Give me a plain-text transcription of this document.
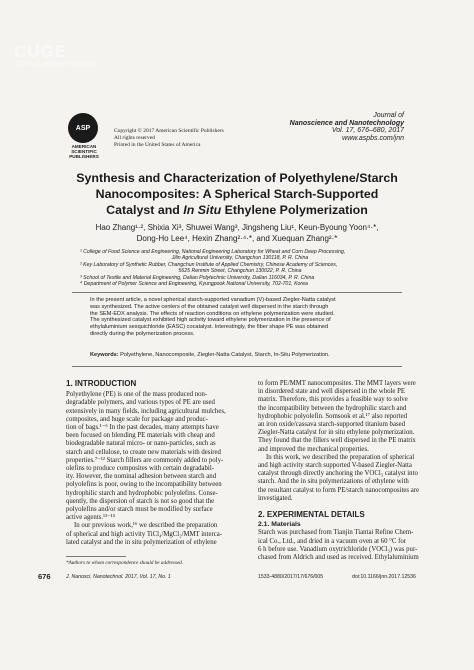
CUGE
Chemical Information Network
ASP
AMERICAN SCIENTIFIC PUBLISHERS
Copyright © 2017 American Scientific Publishers
All rights reserved
Printed in the United States of America
Journal of
Nanoscience and Nanotechnology
Vol. 17, 676–680, 2017
www.aspbs.com/jnn
Synthesis and Characterization of Polyethylene/Starch
Nanocomposites: A Spherical Starch-Supported
Catalyst and In Situ Ethylene Polymerization
Hao Zhang¹·², Shixia Xi³, Shuwei Wang³, Jingsheng Liu¹, Keun-Byoung Yoon⁴·*,
Dong-Ho Lee⁴, Hexin Zhang²·⁴·*, and Xuequan Zhang²·*
¹ College of Food Science and Engineering, National Engineering Laboratory for Wheat and Corn Deep Processing,
Jilin Agricultural University, Changchun 130118, P. R. China
² Key Laboratory of Synthetic Rubber, Changchun Institute of Applied Chemistry, Chinese Academy of Sciences,
5625 Renmin Street, Changchun 130022, P. R. China
³ School of Textile and Material Engineering, Dalian Polytechnic University, Dalian 116034, P. R. China
⁴ Department of Polymer Science and Engineering, Kyungpook National University, 702-701, Korea
In the present article, a novel spherical starch-supported vanadium (V)-based Ziegler-Natta catalyst
was synthesized. The active centers of the obtained catalyst well dispersed in the starch through
the SEM-EDX analysis. The effects of reaction conditions on ethylene polymerization were studied.
The synthesized catalyst exhibited high activity toward ethylene polymerization in the presence of
ethylaluminium sesquichloride (EASC) cocatalyst. Interestingly, the fiber shape PE was obtained
directly during the polymerization process.
Keywords: Polyethylene, Nanocomposite, Ziegler-Natta Catalyst, Starch, In-Situ Polymerization.
1. INTRODUCTION

Polyethylene (PE) is one of the mass produced non-

degradable polymers, and various types of PE are used

extensively in many fields, including agricultural mulches,

composites, and huge scale for package and produc-

tion of bags.¹⁻⁶ In the past decades, many attempts have

been focused on blending PE materials with cheap and

biodegradable natural micro- or nano-particles, such as

starch and cellulose, to create new materials with desired

properties.⁷⁻¹² Starch fillers are commonly added to poly-

olefins to produce composites with certain degradabil-

ity. However, the nominal adhesion between starch and

polyolefins is poor, owing to the incompatibility between

hydrophilic starch and hydrophobic polyolefins. Conse-

quently, the dispersion of starch is not so good that the

polyolefins and/or starch must be modified by surface

active agents.¹³⁻¹⁵

In our previous work,¹⁶ we described the preparation

of spherical and high activity TiCl₄/MgCl₂/MMT interca-

lated catalyst and the in situ polymerization of ethylene

to form PE/MMT nanocomposites. The MMT layers were

in disordered state and well dispersed in the whole PE

matrix. Therefore, this provides a feasible way to solve

the incompatibility between the hydrophilic starch and

hydrophobic polyolefin. Somsook et al.¹⁷ also reported

an iron oxide/cassava starch-supported titanium based

Ziegler-Natta catalyst for in situ ethylene polymerization.

They found that the fillers well dispersed in the PE matrix

and improved the mechanical properties.

In this work, we described the preparation of spherical

and high activity starch supported V-based Ziegler-Natta

catalyst through directly anchoring the VOCl₃ catalyst into

starch. And the in situ polymerizations of ethylene with

the resultant catalyst to form PE/starch nanocomposites are

investigated.

2. EXPERIMENTAL DETAILS
2.1. Materials

Starch was purchased from Tianjin Tiantai Refine Chem-

ical Co., Ltd., and dried in a vacuum oven at 60 °C for

6 h before use. Vanadium oxytrichloride (VOCl₃) was pur-

chased from Aldrich and used as received. Ethylaluminium

*Authors to whom correspondence should be addressed.
676	J. Nanosci. Nanotechnol. 2017, Vol. 17, No. 1	1533-4880/2017/17/676/005	doi:10.1166/jnn.2017.12536
